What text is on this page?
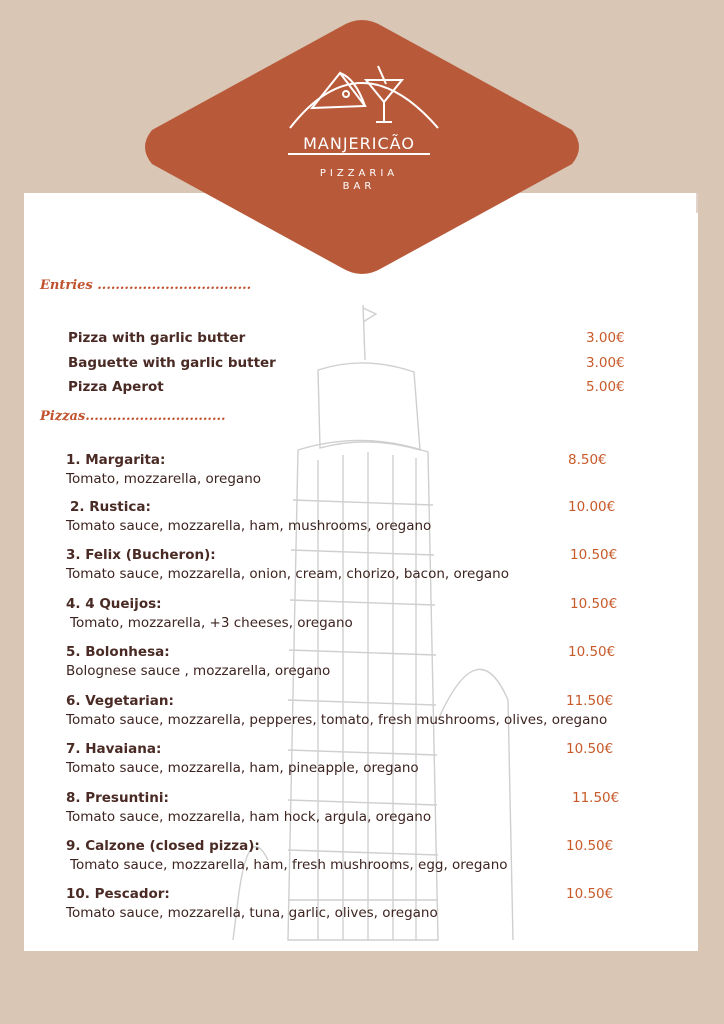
MANJERICÃO
PIZZARIA
BAR
Entries ..................................
Pizza with garlic butter	3.00€
Baguette with garlic butter	3.00€
Pizza Aperot	5.00€
Pizzas...............................
1. Margarita:	8.50€
Tomato, mozzarella, oregano
2. Rustica:	10.00€
Tomato sauce, mozzarella, ham, mushrooms, oregano
3. Felix (Bucheron):	10.50€
Tomato sauce, mozzarella, onion, cream, chorizo, bacon, oregano
4. 4 Queijos:	10.50€
Tomato, mozzarella, +3 cheeses, oregano
5. Bolonhesa:	10.50€
Bolognese sauce , mozzarella, oregano
6. Vegetarian:	11.50€
Tomato sauce, mozzarella, pepperes, tomato, fresh mushrooms, olives, oregano
7. Havaiana:	10.50€
Tomato sauce, mozzarella, ham, pineapple, oregano
8. Presuntini:	11.50€
Tomato sauce, mozzarella, ham hock, argula, oregano
9. Calzone (closed pizza):	10.50€
Tomato sauce, mozzarella, ham, fresh mushrooms, egg, oregano
10. Pescador:	10.50€
Tomato sauce, mozzarella, tuna, garlic, olives, oregano
